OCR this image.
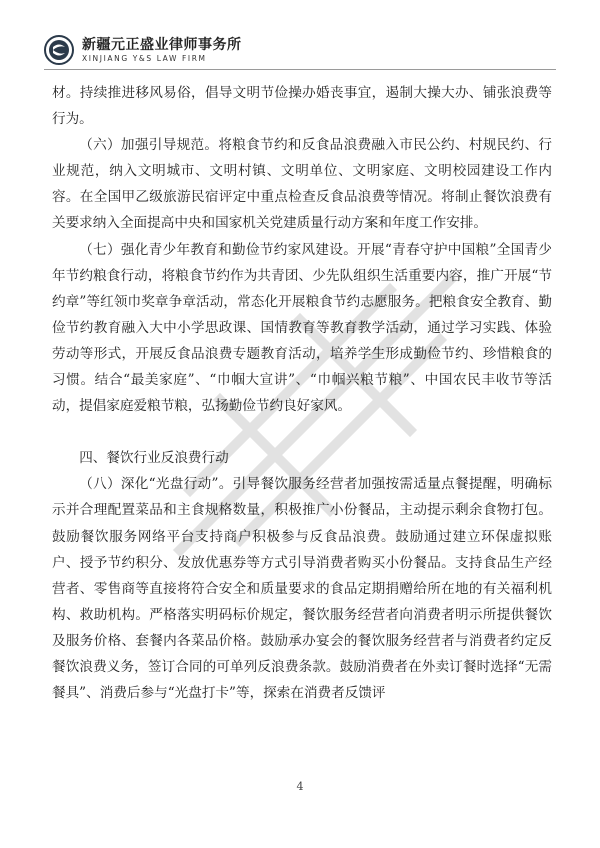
新疆元正盛业律师事务所
XINJIANG Y&S LAW FIRM

材。持续推进移风易俗，倡导文明节俭操办婚丧事宜，遏制大操大办、铺张浪费等行为。

（六）加强引导规范。将粮食节约和反食品浪费融入市民公约、村规民约、行业规范，纳入文明城市、文明村镇、文明单位、文明家庭、文明校园建设工作内容。在全国甲乙级旅游民宿评定中重点检查反食品浪费等情况。将制止餐饮浪费有关要求纳入全面提高中央和国家机关党建质量行动方案和年度工作安排。

（七）强化青少年教育和勤俭节约家风建设。开展“青春守护中国粮”全国青少年节约粮食行动，将粮食节约作为共青团、少先队组织生活重要内容，推广开展“节约章”等红领巾奖章争章活动，常态化开展粮食节约志愿服务。把粮食安全教育、勤俭节约教育融入大中小学思政课、国情教育等教育教学活动，通过学习实践、体验劳动等形式，开展反食品浪费专题教育活动，培养学生形成勤俭节约、珍惜粮食的习惯。结合“最美家庭”、“巾帼大宣讲”、“巾帼兴粮节粮”、中国农民丰收节等活动，提倡家庭爱粮节粮，弘扬勤俭节约良好家风。

四、餐饮行业反浪费行动

（八）深化“光盘行动”。引导餐饮服务经营者加强按需适量点餐提醒，明确标示并合理配置菜品和主食规格数量，积极推广小份餐品，主动提示剩余食物打包。鼓励餐饮服务网络平台支持商户积极参与反食品浪费。鼓励通过建立环保虚拟账户、授予节约积分、发放优惠券等方式引导消费者购买小份餐品。支持食品生产经营者、零售商等直接将符合安全和质量要求的食品定期捐赠给所在地的有关福利机构、救助机构。严格落实明码标价规定，餐饮服务经营者向消费者明示所提供餐饮及服务价格、套餐内各菜品价格。鼓励承办宴会的餐饮服务经营者与消费者约定反餐饮浪费义务，签订合同的可单列反浪费条款。鼓励消费者在外卖订餐时选择“无需餐具”、消费后参与“光盘打卡”等，探索在消费者反馈评

4
